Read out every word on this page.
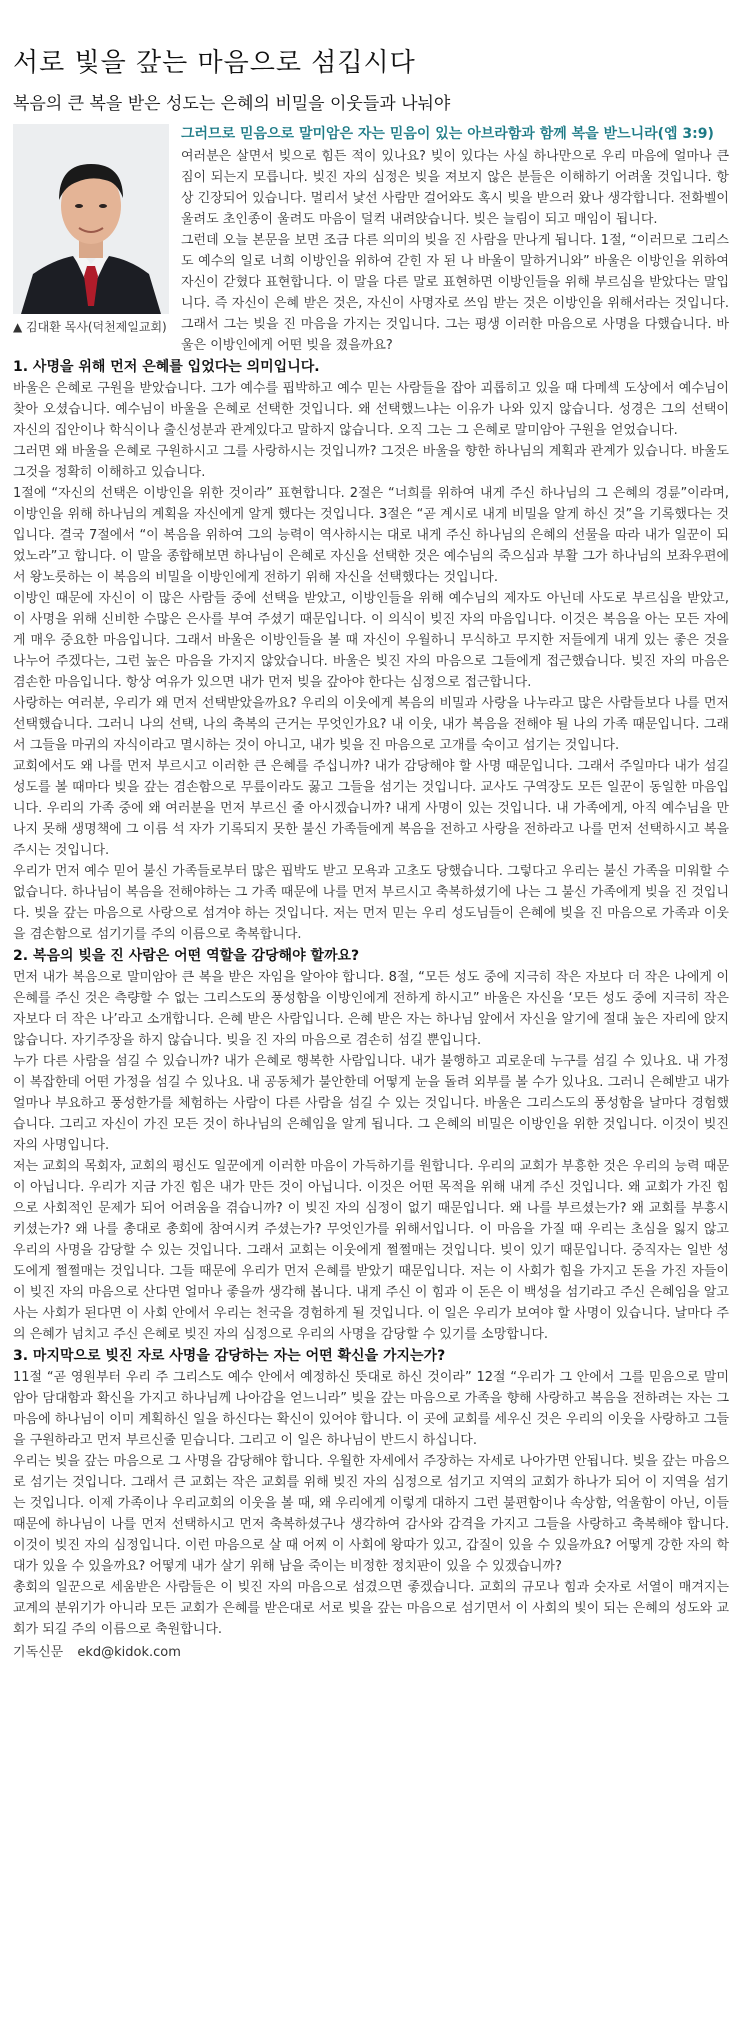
서로 빛을 갚는 마음으로 섬깁시다
복음의 큰 복을 받은 성도는 은혜의 비밀을 이웃들과 나눠야
▲ 김대환 목사(덕천제일교회)
그러므로 믿음으로 말미암은 자는 믿음이 있는 아브라함과 함께 복을 받느니라(엡 3:9)

여러분은 살면서 빚으로 힘든 적이 있나요? 빚이 있다는 사실 하나만으로 우리 마음에 얼마나 큰 짐이 되는지 모릅니다. 빚진 자의 심정은 빚을 져보지 않은 분들은 이해하기 어려울 것입니다. 항상 긴장되어 있습니다. 멀리서 낯선 사람만 걸어와도 혹시 빚을 받으러 왔나 생각합니다. 전화벨이 울려도 초인종이 울려도 마음이 덜컥 내려앉습니다. 빚은 늘림이 되고 매임이 됩니다.

그런데 오늘 본문을 보면 조금 다른 의미의 빚을 진 사람을 만나게 됩니다. 1절, “이러므로 그리스도 예수의 일로 너희 이방인을 위하여 갇힌 자 된 나 바울이 말하거니와” 바울은 이방인을 위하여 자신이 갇혔다 표현합니다. 이 말을 다른 말로 표현하면 이방인들을 위해 부르심을 받았다는 말입니다. 즉 자신이 은혜 받은 것은, 자신이 사명자로 쓰임 받는 것은 이방인을 위해서라는 것입니다. 그래서 그는 빚을 진 마음을 가지는 것입니다. 그는 평생 이러한 마음으로 사명을 다했습니다. 바울은 이방인에게 어떤 빚을 졌을까요?

1. 사명을 위해 먼저 은혜를 입었다는 의미입니다.

바울은 은혜로 구원을 받았습니다. 그가 예수를 핍박하고 예수 믿는 사람들을 잡아 괴롭히고 있을 때 다메섹 도상에서 예수님이 찾아 오셨습니다. 예수님이 바울을 은혜로 선택한 것입니다. 왜 선택했느냐는 이유가 나와 있지 않습니다. 성경은 그의 선택이 자신의 집안이나 학식이나 출신성분과 관계있다고 말하지 않습니다. 오직 그는 그 은혜로 말미암아 구원을 얻었습니다.

그러면 왜 바울을 은혜로 구원하시고 그를 사랑하시는 것입니까? 그것은 바울을 향한 하나님의 계획과 관계가 있습니다. 바울도 그것을 정확히 이해하고 있습니다.

1절에 “자신의 선택은 이방인을 위한 것이라” 표현합니다. 2절은 “너희를 위하여 내게 주신 하나님의 그 은혜의 경륜”이라며, 이방인을 위해 하나님의 계획을 자신에게 알게 했다는 것입니다. 3절은 “곧 계시로 내게 비밀을 알게 하신 것”을 기록했다는 것입니다. 결국 7절에서 “이 복음을 위하여 그의 능력이 역사하시는 대로 내게 주신 하나님의 은혜의 선물을 따라 내가 일꾼이 되었노라”고 합니다. 이 말을 종합해보면 하나님이 은혜로 자신을 선택한 것은 예수님의 죽으심과 부활 그가 하나님의 보좌우편에서 왕노릇하는 이 복음의 비밀을 이방인에게 전하기 위해 자신을 선택했다는 것입니다.

이방인 때문에 자신이 이 많은 사람들 중에 선택을 받았고, 이방인들을 위해 예수님의 제자도 아닌데 사도로 부르심을 받았고, 이 사명을 위해 신비한 수많은 은사를 부여 주셨기 때문입니다. 이 의식이 빚진 자의 마음입니다. 이것은 복음을 아는 모든 자에게 매우 중요한 마음입니다. 그래서 바울은 이방인들을 볼 때 자신이 우월하니 무식하고 무지한 저들에게 내게 있는 좋은 것을 나누어 주겠다는, 그런 높은 마음을 가지지 않았습니다. 바울은 빚진 자의 마음으로 그들에게 접근했습니다. 빚진 자의 마음은 겸손한 마음입니다. 항상 여유가 있으면 내가 먼저 빚을 갚아야 한다는 심정으로 접근합니다.

사랑하는 여러분, 우리가 왜 먼저 선택받았을까요? 우리의 이웃에게 복음의 비밀과 사랑을 나누라고 많은 사람들보다 나를 먼저 선택했습니다. 그러니 나의 선택, 나의 축복의 근거는 무엇인가요? 내 이웃, 내가 복음을 전해야 될 나의 가족 때문입니다. 그래서 그들을 마귀의 자식이라고 멸시하는 것이 아니고, 내가 빚을 진 마음으로 고개를 숙이고 섬기는 것입니다.

교회에서도 왜 나를 먼저 부르시고 이러한 큰 은혜를 주십니까? 내가 감당해야 할 사명 때문입니다. 그래서 주일마다 내가 섬길 성도를 볼 때마다 빚을 갚는 겸손함으로 무릎이라도 꿇고 그들을 섬기는 것입니다. 교사도 구역장도 모든 일꾼이 동일한 마음입니다. 우리의 가족 중에 왜 여러분을 먼저 부르신 줄 아시겠습니까? 내게 사명이 있는 것입니다. 내 가족에게, 아직 예수님을 만나지 못해 생명책에 그 이름 석 자가 기록되지 못한 불신 가족들에게 복음을 전하고 사랑을 전하라고 나를 먼저 선택하시고 복을 주시는 것입니다.

우리가 먼저 예수 믿어 불신 가족들로부터 많은 핍박도 받고 모욕과 고초도 당했습니다. 그렇다고 우리는 불신 가족을 미워할 수 없습니다. 하나님이 복음을 전해야하는 그 가족 때문에 나를 먼저 부르시고 축복하셨기에 나는 그 불신 가족에게 빚을 진 것입니다. 빚을 갚는 마음으로 사랑으로 섬겨야 하는 것입니다. 저는 먼저 믿는 우리 성도님들이 은혜에 빚을 진 마음으로 가족과 이웃을 겸손함으로 섬기기를 주의 이름으로 축복합니다.

2. 복음의 빚을 진 사람은 어떤 역할을 감당해야 할까요?

먼저 내가 복음으로 말미암아 큰 복을 받은 자임을 알아야 합니다. 8절, “모든 성도 중에 지극히 작은 자보다 더 작은 나에게 이 은혜를 주신 것은 측량할 수 없는 그리스도의 풍성함을 이방인에게 전하게 하시고” 바울은 자신을 ‘모든 성도 중에 지극히 작은 자보다 더 작은 나’라고 소개합니다. 은혜 받은 사람입니다. 은혜 받은 자는 하나님 앞에서 자신을 알기에 절대 높은 자리에 앉지 않습니다. 자기주장을 하지 않습니다. 빚을 진 자의 마음으로 겸손히 섬길 뿐입니다.

누가 다른 사람을 섬길 수 있습니까? 내가 은혜로 행복한 사람입니다. 내가 불행하고 괴로운데 누구를 섬길 수 있나요. 내 가정이 복잡한데 어떤 가정을 섬길 수 있나요. 내 공동체가 불안한데 어떻게 눈을 돌려 외부를 볼 수가 있나요. 그러니 은혜받고 내가 얼마나 부요하고 풍성한가를 체험하는 사람이 다른 사람을 섬길 수 있는 것입니다. 바울은 그리스도의 풍성함을 날마다 경험했습니다. 그리고 자신이 가진 모든 것이 하나님의 은혜임을 알게 됩니다. 그 은혜의 비밀은 이방인을 위한 것입니다. 이것이 빚진자의 사명입니다.

저는 교회의 목회자, 교회의 평신도 일꾼에게 이러한 마음이 가득하기를 원합니다. 우리의 교회가 부흥한 것은 우리의 능력 때문이 아닙니다. 우리가 지금 가진 힘은 내가 만든 것이 아닙니다. 이것은 어떤 목적을 위해 내게 주신 것입니다. 왜 교회가 가진 힘으로 사회적인 문제가 되어 어려움을 겪습니까? 이 빚진 자의 심정이 없기 때문입니다. 왜 나를 부르셨는가? 왜 교회를 부흥시키셨는가? 왜 나를 총대로 총회에 참여시켜 주셨는가? 무엇인가를 위해서입니다. 이 마음을 가질 때 우리는 초심을 잃지 않고 우리의 사명을 감당할 수 있는 것입니다. 그래서 교회는 이웃에게 쩔쩔매는 것입니다. 빚이 있기 때문입니다. 중직자는 일반 성도에게 쩔쩔매는 것입니다. 그들 때문에 우리가 먼저 은혜를 받았기 때문입니다. 저는 이 사회가 힘을 가지고 돈을 가진 자들이 이 빚진 자의 마음으로 산다면 얼마나 좋을까 생각해 봅니다. 내게 주신 이 힘과 이 돈은 이 백성을 섬기라고 주신 은혜임을 알고 사는 사회가 된다면 이 사회 안에서 우리는 천국을 경험하게 될 것입니다. 이 일은 우리가 보여야 할 사명이 있습니다. 날마다 주의 은혜가 넘치고 주신 은혜로 빚진 자의 심정으로 우리의 사명을 감당할 수 있기를 소망합니다.

3. 마지막으로 빚진 자로 사명을 감당하는 자는 어떤 확신을 가지는가?

11절 “곧 영원부터 우리 주 그리스도 예수 안에서 예정하신 뜻대로 하신 것이라” 12절 “우리가 그 안에서 그를 믿음으로 말미암아 담대함과 확신을 가지고 하나님께 나아감을 얻느니라” 빚을 갚는 마음으로 가족을 향해 사랑하고 복음을 전하려는 자는 그 마음에 하나님이 이미 계획하신 일을 하신다는 확신이 있어야 합니다. 이 곳에 교회를 세우신 것은 우리의 이웃을 사랑하고 그들을 구원하라고 먼저 부르신줄 믿습니다. 그리고 이 일은 하나님이 반드시 하십니다.

우리는 빚을 갚는 마음으로 그 사명을 감당해야 합니다. 우월한 자세에서 주장하는 자세로 나아가면 안됩니다. 빚을 갚는 마음으로 섬기는 것입니다. 그래서 큰 교회는 작은 교회를 위해 빚진 자의 심정으로 섬기고 지역의 교회가 하나가 되어 이 지역을 섬기는 것입니다. 이제 가족이나 우리교회의 이웃을 볼 때, 왜 우리에게 이렇게 대하지 그런 불편함이나 속상함, 억울함이 아닌, 이들 때문에 하나님이 나를 먼저 선택하시고 먼저 축복하셨구나 생각하여 감사와 감격을 가지고 그들을 사랑하고 축복해야 합니다. 이것이 빚진 자의 심정입니다. 이런 마음으로 살 때 어찌 이 사회에 왕따가 있고, 갑질이 있을 수 있을까요? 어떻게 강한 자의 학대가 있을 수 있을까요? 어떻게 내가 살기 위해 남을 죽이는 비정한 정치판이 있을 수 있겠습니까?

총회의 일꾼으로 세움받은 사람들은 이 빚진 자의 마음으로 섬겼으면 좋겠습니다. 교회의 규모나 힘과 숫자로 서열이 매겨지는 교계의 분위기가 아니라 모든 교회가 은혜를 받은대로 서로 빚을 갚는 마음으로 섬기면서 이 사회의 빛이 되는 은혜의 성도와 교회가 되길 주의 이름으로 축원합니다.

기독신문 ekd@kidok.com
